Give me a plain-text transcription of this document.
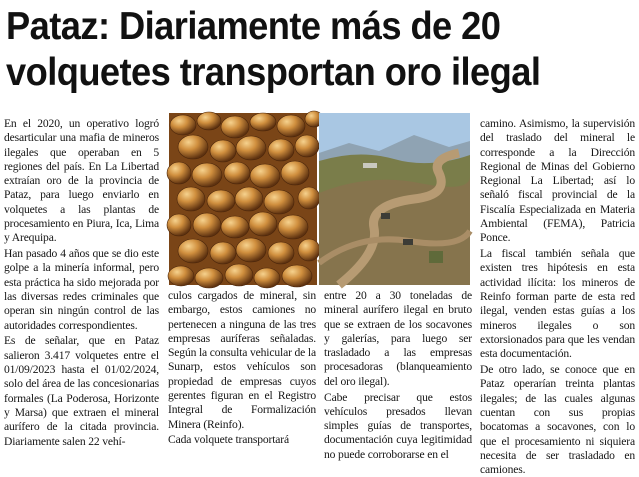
Pataz: Diariamente más de 20
volquetes transportan oro ilegal

En el 2020, un operativo logró desarticular una mafia de mineros ilegales que operaban en 5 regiones del país. En La Libertad extraían oro de la provincia de Pataz, para luego enviarlo en volquetes a las plantas de procesamiento en Piura, Ica, Lima y Arequipa.

Han pasado 4 años que se dio este golpe a la minería informal, pero esta práctica ha sido mejorada por las diversas redes criminales que operan sin ningún control de las autoridades correspondientes.

Es de señalar, que en Pataz salieron 3.417 volquetes entre el 01/09/2023 hasta el 01/02/2024, solo del área de las concesionarias formales (La Poderosa, Horizonte y Marsa) que extraen el mineral aurífero de la citada provincia. Diariamente salen 22 vehí-

culos cargados de mineral, sin embargo, estos camiones no pertenecen a ninguna de las tres empresas auríferas señaladas. Según la consulta vehicular de la Sunarp, estos vehículos son propiedad de empresas cuyos gerentes figuran en el Registro Integral de Formalización Minera (Reinfo).

Cada volquete transportará

entre 20 a 30 toneladas de mineral aurífero ilegal en bruto que se extraen de los socavones y galerías, para luego ser trasladado a las empresas procesadoras (blanqueamiento del oro ilegal).

Cabe precisar que estos vehículos presados llevan simples guías de transportes, documentación cuya legitimidad no puede corroborarse en el

camino. Asimismo, la supervisión del traslado del mineral le corresponde a la Dirección Regional de Minas del Gobierno Regional La Libertad; así lo señaló fiscal provincial de la Fiscalía Especializada en Materia Ambiental (FEMA), Patricia Ponce.

La fiscal también señala que existen tres hipótesis en esta actividad ilícita: los mineros de Reinfo forman parte de esta red ilegal, venden estas guías a los mineros ilegales o son extorsionados para que les vendan esta documentación.

De otro lado, se conoce que en Pataz operarían treinta plantas ilegales; de las cuales algunas cuentan con sus propias bocatomas a socavones, con lo que el procesamiento ni siquiera necesita de ser trasladado en camiones.
